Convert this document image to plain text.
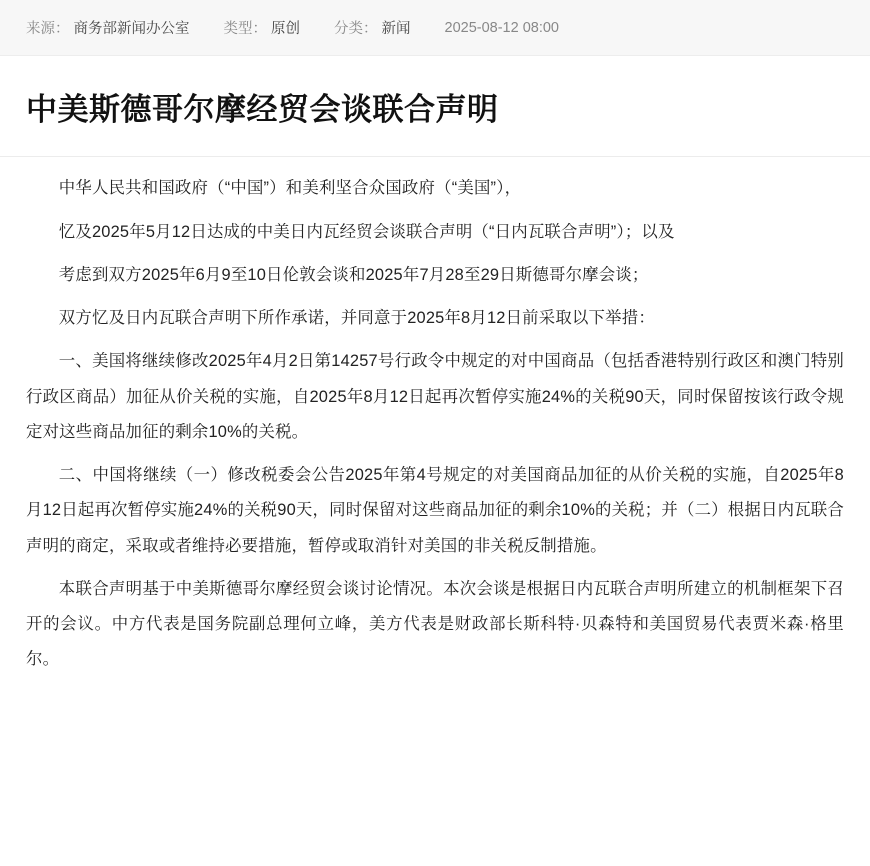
来源： 商务部新闻办公室 类型： 原创 分类： 新闻 2025-08-12 08:00
中美斯德哥尔摩经贸会谈联合声明

中华人民共和国政府（“中国”）和美利坚合众国政府（“美国”），

忆及2025年5月12日达成的中美日内瓦经贸会谈联合声明（“日内瓦联合声明”）；以及

考虑到双方2025年6月9至10日伦敦会谈和2025年7月28至29日斯德哥尔摩会谈；

双方忆及日内瓦联合声明下所作承诺，并同意于2025年8月12日前采取以下举措：

一、美国将继续修改2025年4月2日第14257号行政令中规定的对中国商品（包括香港特别行政区和澳门特别行政区商品）加征从价关税的实施，自2025年8月12日起再次暂停实施24%的关税90天，同时保留按该行政令规定对这些商品加征的剩余10%的关税。

二、中国将继续（一）修改税委会公告2025年第4号规定的对美国商品加征的从价关税的实施，自2025年8月12日起再次暂停实施24%的关税90天，同时保留对这些商品加征的剩余10%的关税；并（二）根据日内瓦联合声明的商定，采取或者维持必要措施，暂停或取消针对美国的非关税反制措施。

本联合声明基于中美斯德哥尔摩经贸会谈讨论情况。本次会谈是根据日内瓦联合声明所建立的机制框架下召开的会议。中方代表是国务院副总理何立峰，美方代表是财政部长斯科特·贝森特和美国贸易代表贾米森·格里尔。
